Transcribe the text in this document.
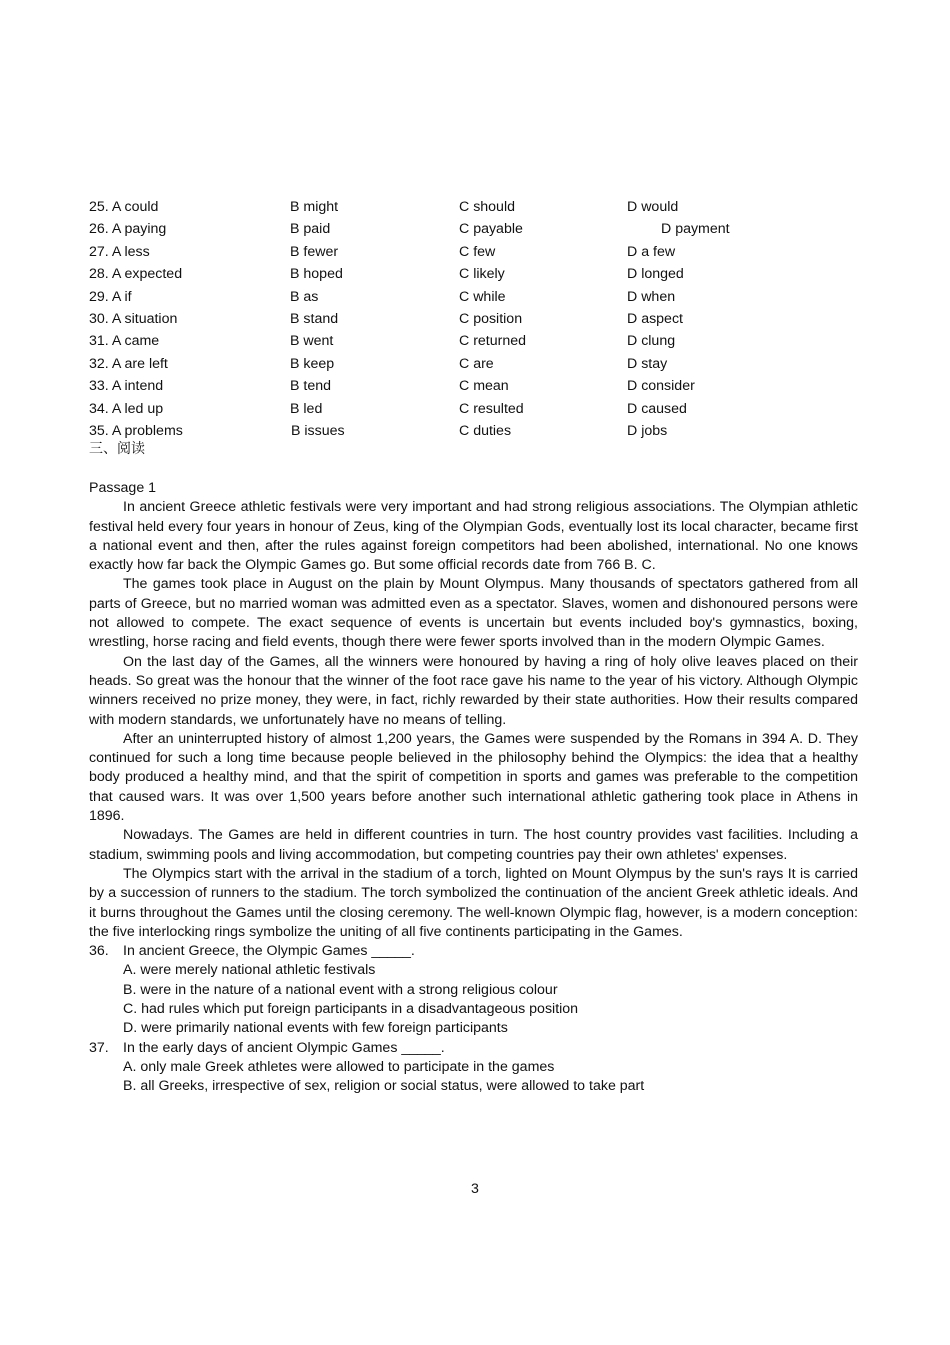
25. A could	B might	C should	D would
26. A paying	B paid	C payable	D payment
27. A less	B fewer	C few	D a few
28. A expected	B hoped	C likely	D longed
29. A if	B as	C while	D when
30. A situation	B stand	C position	D aspect
31. A came	B went	C returned	D clung
32. A are left	B keep	C are	D stay
33. A intend	B tend	C mean	D consider
34. A led up	B led	C resulted	D caused
35. A problems	B issues	C duties	D jobs
三、阅读
Passage 1

In ancient Greece athletic festivals were very important and had strong religious associations. The Olympian athletic festival held every four years in honour of Zeus, king of the Olympian Gods, eventually lost its local character, became first a national event and then, after the rules against foreign competitors had been abolished, international. No one knows exactly how far back the Olympic Games go. But some official records date from 766 B. C.

The games took place in August on the plain by Mount Olympus. Many thousands of spectators gathered from all parts of Greece, but no married woman was admitted even as a spectator. Slaves, women and dishonoured persons were not allowed to compete. The exact sequence of events is uncertain but events included boy's gymnastics, boxing, wrestling, horse racing and field events, though there were fewer sports involved than in the modern Olympic Games.

On the last day of the Games, all the winners were honoured by having a ring of holy olive leaves placed on their heads. So great was the honour that the winner of the foot race gave his name to the year of his victory. Although Olympic winners received no prize money, they were, in fact, richly rewarded by their state authorities. How their results compared with modern standards, we unfortunately have no means of telling.

After an uninterrupted history of almost 1,200 years, the Games were suspended by the Romans in 394 A. D. They continued for such a long time because people believed in the philosophy behind the Olympics: the idea that a healthy body produced a healthy mind, and that the spirit of competition in sports and games was preferable to the competition that caused wars. It was over 1,500 years before another such international athletic gathering took place in Athens in 1896.

Nowadays. The Games are held in different countries in turn. The host country provides vast facilities. Including a stadium, swimming pools and living accommodation, but competing countries pay their own athletes' expenses.

The Olympics start with the arrival in the stadium of a torch, lighted on Mount Olympus by the sun's rays It is carried by a succession of runners to the stadium. The torch symbolized the continuation of the ancient Greek athletic ideals. And it burns throughout the Games until the closing ceremony. The well-known Olympic flag, however, is a modern conception: the five interlocking rings symbolize the uniting of all five continents participating in the Games.

36. In ancient Greece, the Olympic Games _____.
A. were merely national athletic festivals
B. were in the nature of a national event with a strong religious colour
C. had rules which put foreign participants in a disadvantageous position
D. were primarily national events with few foreign participants
37. In the early days of ancient Olympic Games _____.
A. only male Greek athletes were allowed to participate in the games
B. all Greeks, irrespective of sex, religion or social status, were allowed to take part
3
